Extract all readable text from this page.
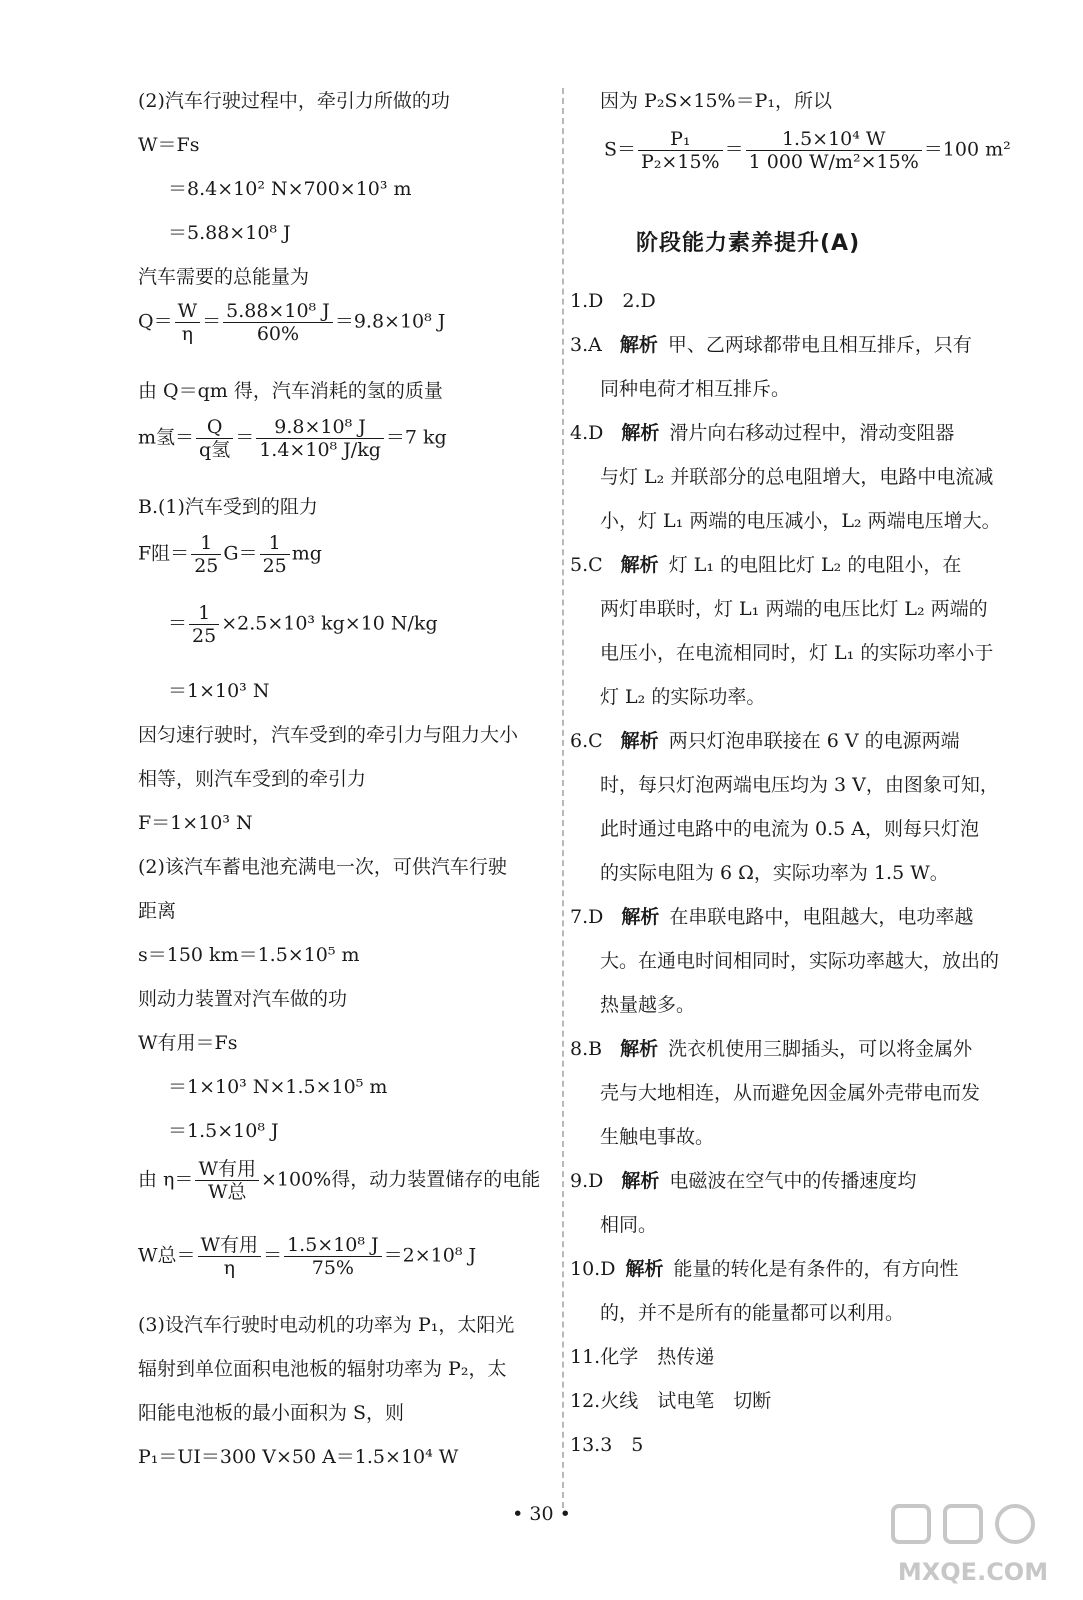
(2)汽车行驶过程中，牵引力所做的功
W＝Fs
＝8.4×10² N×700×10³ m
＝5.88×10⁸ J
汽车需要的总能量为
$Q= \frac{W}{\eta} = \frac{\text{5.88×10⁸ J}}{60\%} =9.8\times 10^8$ J
由 Q＝qm 得，汽车消耗的氢的质量
m氢＝ $\frac{Q}{\text{q氢}} = \frac{\text{9.8×10⁸ J}}{\text{1.4×10⁸ J/kg}} =7$ kg
B.(1)汽车受到的阻力
F阻＝ $\frac{1}{25} G= \frac{1}{25}$ mg
＝ $\frac{1}{25} \times 2.5\times 10^3$ kg×10 N/kg
＝1×10³ N
因匀速行驶时，汽车受到的牵引力与阻力大小
相等，则汽车受到的牵引力
F＝1×10³ N
(2)该汽车蓄电池充满电一次，可供汽车行驶
距离
s＝150 km＝1.5×10⁵ m
则动力装置对汽车做的功
W有用＝Fs
＝1×10³ N×1.5×10⁵ m
＝1.5×10⁸ J
由 $\eta= \frac{\text{W有用}}{\text{W总}} \times 100\%$得，动力装置储存的电能
W总＝ $\frac{\text{W有用}}{\eta} = \frac{\text{1.5×10⁸ J}}{75\%} =2\times 10^8$ J
(3)设汽车行驶时电动机的功率为 P₁，太阳光
辐射到单位面积电池板的辐射功率为 P₂，太
阳能电池板的最小面积为 S，则
P₁＝UI＝300 V×50 A＝1.5×10⁴ W
因为 P₂S×15%＝P₁，所以
$S= \frac{\text{P₁}}{\text{P₂×15\%}} = \frac{\text{1.5×10⁴ W}}{\text{1 000 W/m²×15\%}} =100$ m²
阶段能力素养提升(A)
1.D　2.D
3.A 解析 甲、乙两球都带电且相互排斥，只有
同种电荷才相互排斥。
4.D 解析 滑片向右移动过程中，滑动变阻器
与灯 L₂ 并联部分的总电阻增大，电路中电流减
小，灯 L₁ 两端的电压减小，L₂ 两端电压增大。
5.C 解析 灯 L₁ 的电阻比灯 L₂ 的电阻小，在
两灯串联时，灯 L₁ 两端的电压比灯 L₂ 两端的
电压小，在电流相同时，灯 L₁ 的实际功率小于
灯 L₂ 的实际功率。
6.C 解析 两只灯泡串联接在 6 V 的电源两端
时，每只灯泡两端电压均为 3 V，由图象可知，
此时通过电路中的电流为 0.5 A，则每只灯泡
的实际电阻为 6 Ω，实际功率为 1.5 W。
7.D 解析 在串联电路中，电阻越大，电功率越
大。在通电时间相同时，实际功率越大，放出的
热量越多。
8.B 解析 洗衣机使用三脚插头，可以将金属外
壳与大地相连，从而避免因金属外壳带电而发
生触电事故。
9.D 解析 电磁波在空气中的传播速度均
相同。
10.D 解析 能量的转化是有条件的，有方向性
的，并不是所有的能量都可以利用。
11.化学　热传递
12.火线　试电笔　切断
13.3　5
• 30 •
MXQE.COM
